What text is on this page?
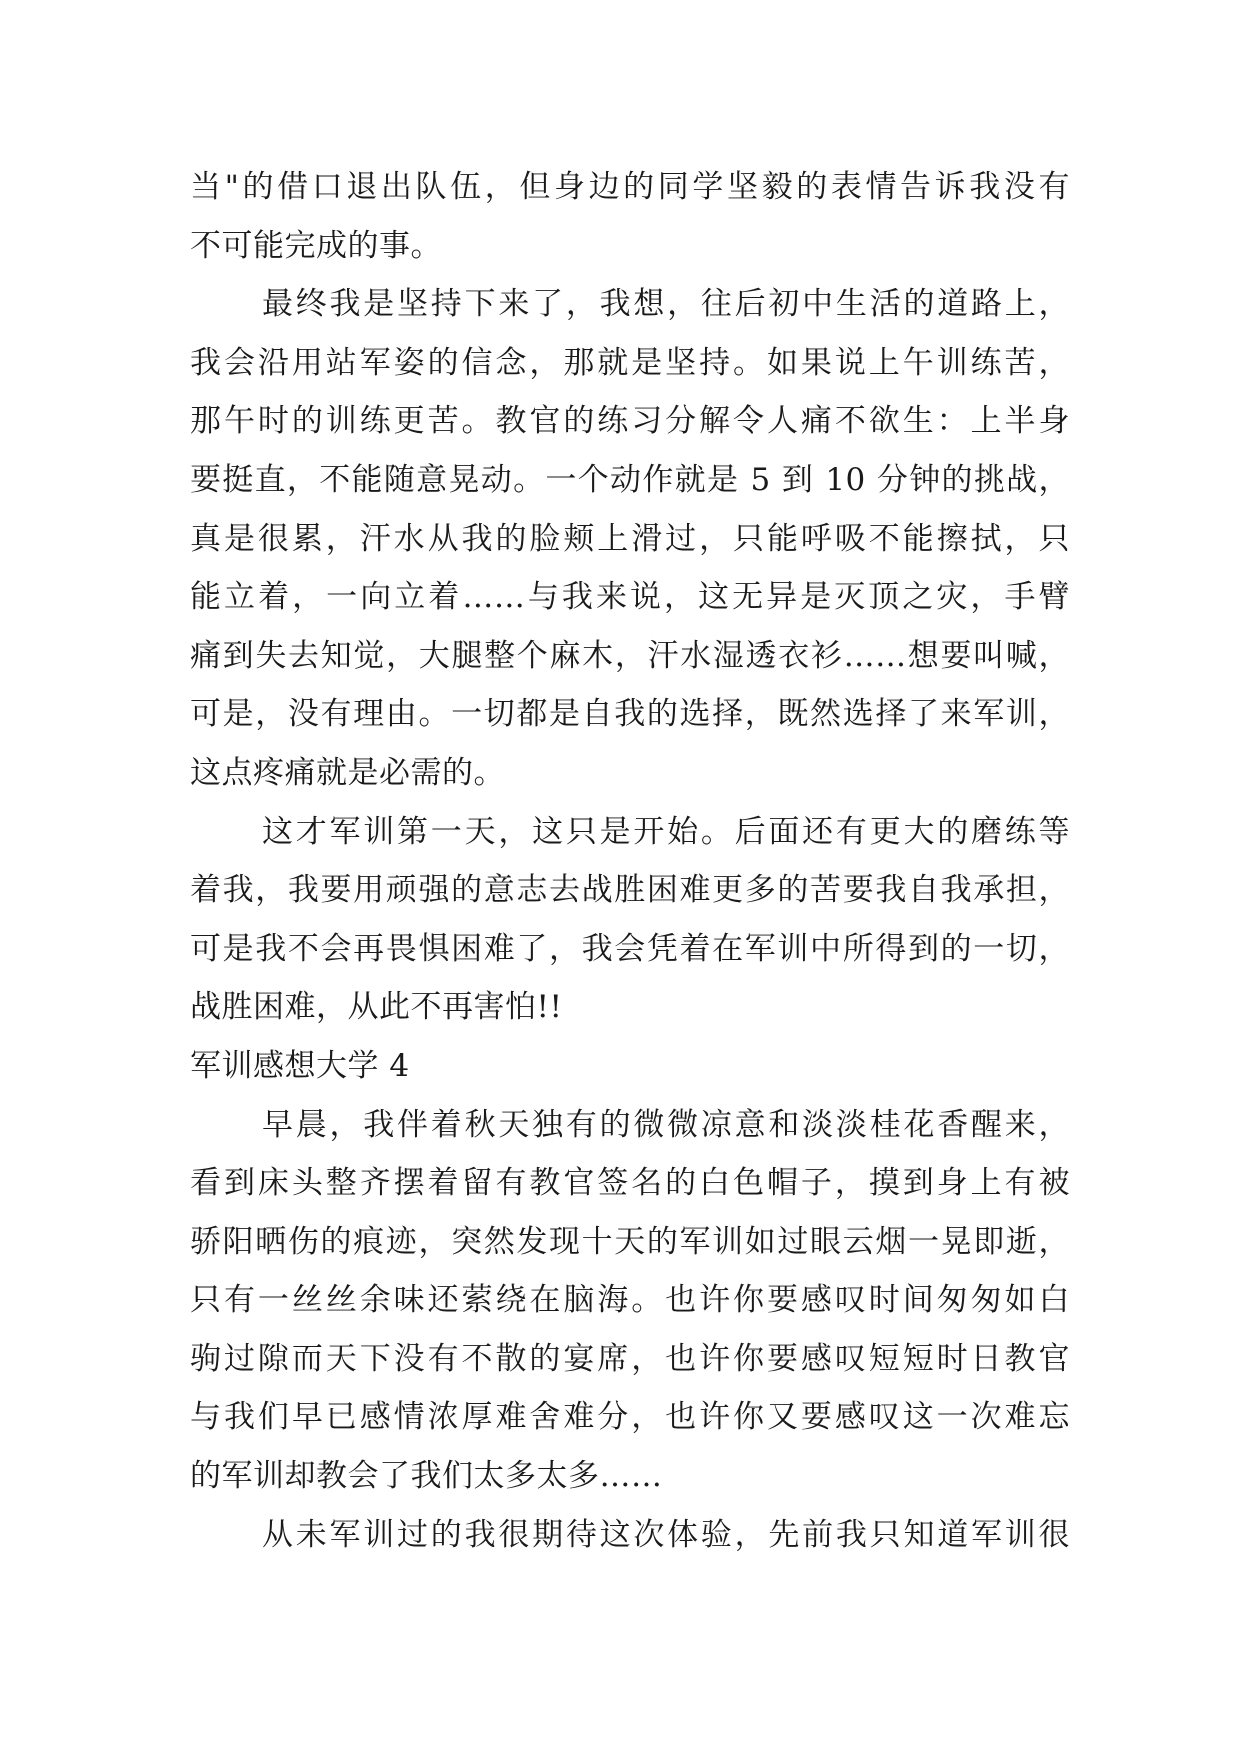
当"的借口退出队伍，但身边的同学坚毅的表情告诉我没有
不可能完成的事。
最终我是坚持下来了，我想，往后初中生活的道路上，
我会沿用站军姿的信念，那就是坚持。如果说上午训练苦，
那午时的训练更苦。教官的练习分解令人痛不欲生：上半身
要挺直，不能随意晃动。一个动作就是 5 到 10 分钟的挑战，
真是很累，汗水从我的脸颊上滑过，只能呼吸不能擦拭，只
能立着，一向立着……与我来说，这无异是灭顶之灾，手臂
痛到失去知觉，大腿整个麻木，汗水湿透衣衫……想要叫喊，
可是，没有理由。一切都是自我的选择，既然选择了来军训，
这点疼痛就是必需的。
这才军训第一天，这只是开始。后面还有更大的磨练等
着我，我要用顽强的意志去战胜困难更多的苦要我自我承担，
可是我不会再畏惧困难了，我会凭着在军训中所得到的一切，
战胜困难，从此不再害怕!!
军训感想大学 4
早晨，我伴着秋天独有的微微凉意和淡淡桂花香醒来，
看到床头整齐摆着留有教官签名的白色帽子，摸到身上有被
骄阳晒伤的痕迹，突然发现十天的军训如过眼云烟一晃即逝，
只有一丝丝余味还萦绕在脑海。也许你要感叹时间匆匆如白
驹过隙而天下没有不散的宴席，也许你要感叹短短时日教官
与我们早已感情浓厚难舍难分，也许你又要感叹这一次难忘
的军训却教会了我们太多太多……
从未军训过的我很期待这次体验，先前我只知道军训很
